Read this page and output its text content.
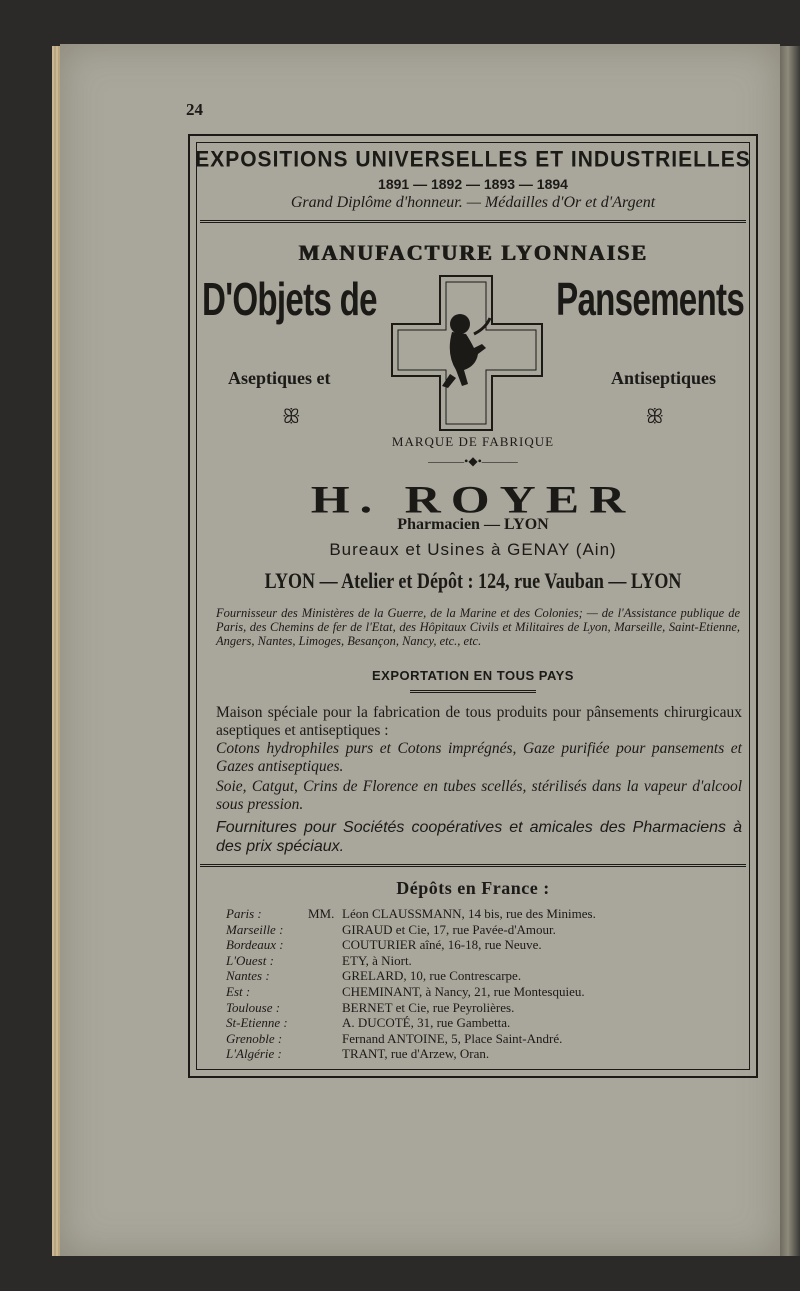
24
EXPOSITIONS UNIVERSELLES ET INDUSTRIELLES
1891 — 1892 — 1893 — 1894
Grand Diplôme d'honneur. — Médailles d'Or et d'Argent
MANUFACTURE LYONNAISE
D'Objets de	Pansements
Aseptiques et	Antiseptiques
ꕥ	ꕥ
MARQUE DE FABRIQUE
———•◆•———
H. ROYER
Pharmacien — LYON
Bureaux et Usines à GENAY (Ain)
LYON — Atelier et Dépôt : 124, rue Vauban — LYON
Fournisseur des Ministères de la Guerre, de la Marine et des Colonies; — de l'Assistance publique de Paris, des Chemins de fer de l'Etat, des Hôpitaux Civils et Militaires de Lyon, Marseille, Saint-Etienne, Angers, Nantes, Limoges, Besançon, Nancy, etc., etc.
EXPORTATION EN TOUS PAYS
Maison spéciale pour la fabrication de tous produits pour pânsements chirurgicaux aseptiques et antiseptiques :
Cotons hydrophiles purs et Cotons imprégnés, Gaze purifiée pour pansements et Gazes antiseptiques.
Soie, Catgut, Crins de Florence en tubes scellés, stérilisés dans la vapeur d'alcool sous pression.
Fournitures pour Sociétés coopératives et amicales des Pharmaciens à des prix spéciaux.
Dépôts en France :
Paris :	MM. Léon CLAUSSMANN, 14 bis, rue des Minimes.
Marseille :	GIRAUD et Cie, 17, rue Pavée-d'Amour.
Bordeaux :	COUTURIER aîné, 16-18, rue Neuve.
L'Ouest :	ETY, à Niort.
Nantes :	GRELARD, 10, rue Contrescarpe.
Est :	CHEMINANT, à Nancy, 21, rue Montesquieu.
Toulouse :	BERNET et Cie, rue Peyrolières.
St-Etienne :	A. DUCOTÉ, 31, rue Gambetta.
Grenoble :	Fernand ANTOINE, 5, Place Saint-André.
L'Algérie :	TRANT, rue d'Arzew, Oran.
